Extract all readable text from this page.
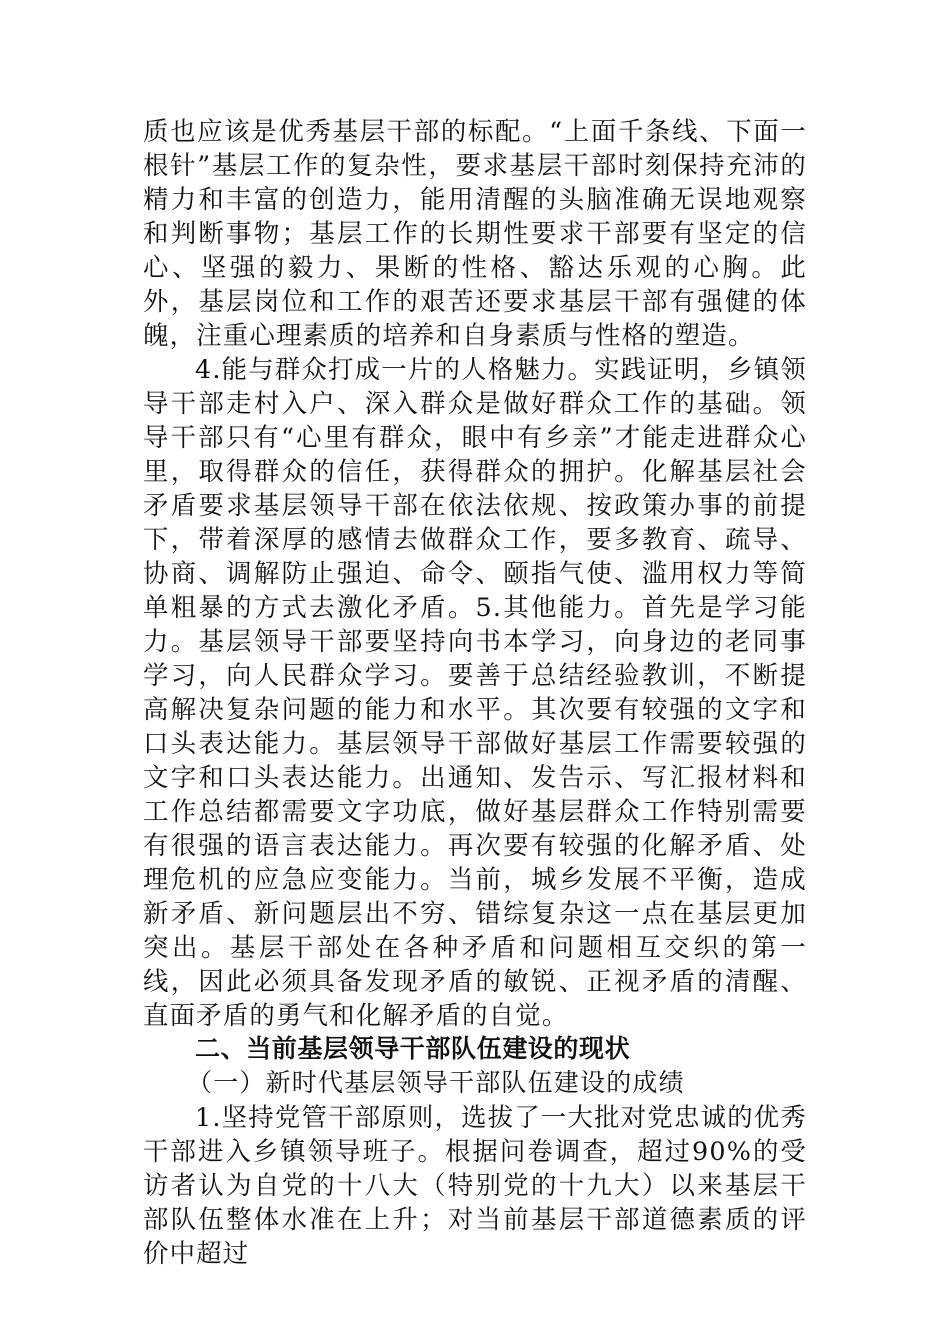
质也应该是优秀基层干部的标配。“上面千条线、下面一根针”基层工作的复杂性，要求基层干部时刻保持充沛的精力和丰富的创造力，能用清醒的头脑准确无误地观察和判断事物；基层工作的长期性要求干部要有坚定的信心、坚强的毅力、果断的性格、豁达乐观的心胸。此外，基层岗位和工作的艰苦还要求基层干部有强健的体魄，注重心理素质的培养和自身素质与性格的塑造。

4.能与群众打成一片的人格魅力。实践证明，乡镇领导干部走村入户、深入群众是做好群众工作的基础。领导干部只有“心里有群众，眼中有乡亲”才能走进群众心里，取得群众的信任，获得群众的拥护。化解基层社会矛盾要求基层领导干部在依法依规、按政策办事的前提下，带着深厚的感情去做群众工作，要多教育、疏导、协商、调解防止强迫、命令、颐指气使、滥用权力等简单粗暴的方式去激化矛盾。5.其他能力。首先是学习能力。基层领导干部要坚持向书本学习，向身边的老同事学习，向人民群众学习。要善于总结经验教训，不断提高解决复杂问题的能力和水平。其次要有较强的文字和口头表达能力。基层领导干部做好基层工作需要较强的文字和口头表达能力。出通知、发告示、写汇报材料和工作总结都需要文字功底，做好基层群众工作特别需要有很强的语言表达能力。再次要有较强的化解矛盾、处理危机的应急应变能力。当前，城乡发展不平衡，造成新矛盾、新问题层出不穷、错综复杂这一点在基层更加突出。基层干部处在各种矛盾和问题相互交织的第一线，因此必须具备发现矛盾的敏锐、正视矛盾的清醒、直面矛盾的勇气和化解矛盾的自觉。

二、当前基层领导干部队伍建设的现状

（一）新时代基层领导干部队伍建设的成绩

1.坚持党管干部原则，选拔了一大批对党忠诚的优秀干部进入乡镇领导班子。根据问卷调查，超过90%的受访者认为自党的十八大（特别党的十九大）以来基层干部队伍整体水准在上升；对当前基层干部道德素质的评价中超过
